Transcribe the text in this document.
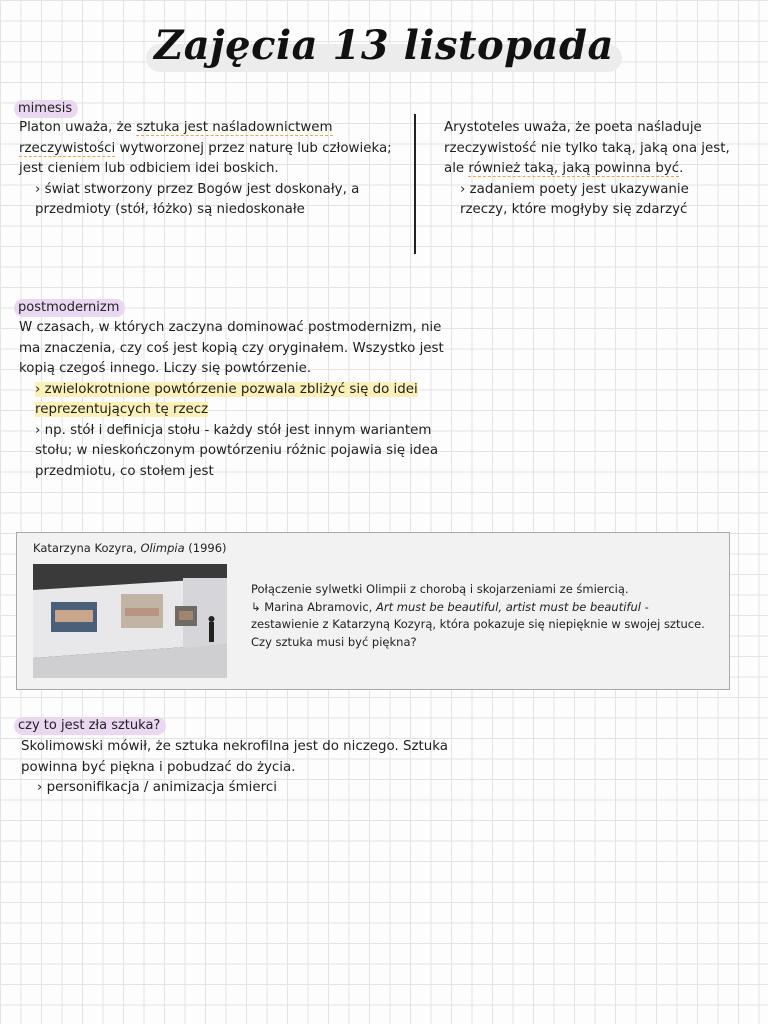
Zajęcia 13 listopada
mimesis

Platon uważa, że sztuka jest naśladownictwem rzeczywistości wytworzonej przez naturę lub człowieka; jest cieniem lub odbiciem idei boskich.

› świat stworzony przez Bogów jest doskonały, a przedmioty (stół, łóżko) są niedoskonałe

Arystoteles uważa, że poeta naśladuje rzeczywistość nie tylko taką, jaką ona jest, ale również taką, jaką powinna być.

› zadaniem poety jest ukazywanie rzeczy, które mogłyby się zdarzyć

postmodernizm

W czasach, w których zaczyna dominować postmodernizm, nie ma znaczenia, czy coś jest kopią czy oryginałem. Wszystko jest kopią czegoś innego. Liczy się powtórzenie.

› zwielokrotnione powtórzenie pozwala zbliżyć się do idei reprezentujących tę rzecz

› np. stół i definicja stołu - każdy stół jest innym wariantem stołu; w nieskończonym powtórzeniu różnic pojawia się idea przedmiotu, co stołem jest

Katarzyna Kozyra, Olimpia (1996)

Połączenie sylwetki Olimpii z chorobą i skojarzeniami ze śmiercią.

↳ Marina Abramovic, Art must be beautiful, artist must be beautiful - zestawienie z Katarzyną Kozyrą, która pokazuje się niepięknie w swojej sztuce. Czy sztuka musi być piękna?

czy to jest zła sztuka?

Skolimowski mówił, że sztuka nekrofilna jest do niczego. Sztuka powinna być piękna i pobudzać do życia.

› personifikacja / animizacja śmierci
